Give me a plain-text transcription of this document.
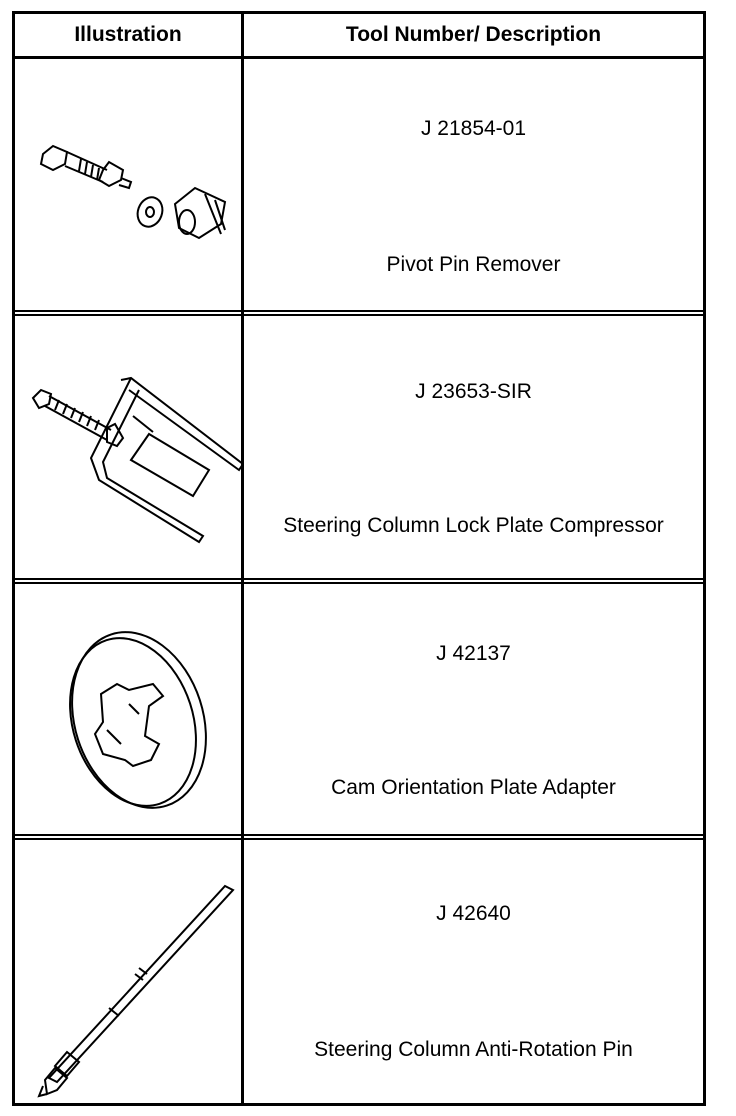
Illustration	Tool Number/ Description
J 21854-01
Pivot Pin Remover
J 23653-SIR
Steering Column Lock Plate Compressor
J 42137
Cam Orientation Plate Adapter
J 42640
Steering Column Anti-Rotation Pin
